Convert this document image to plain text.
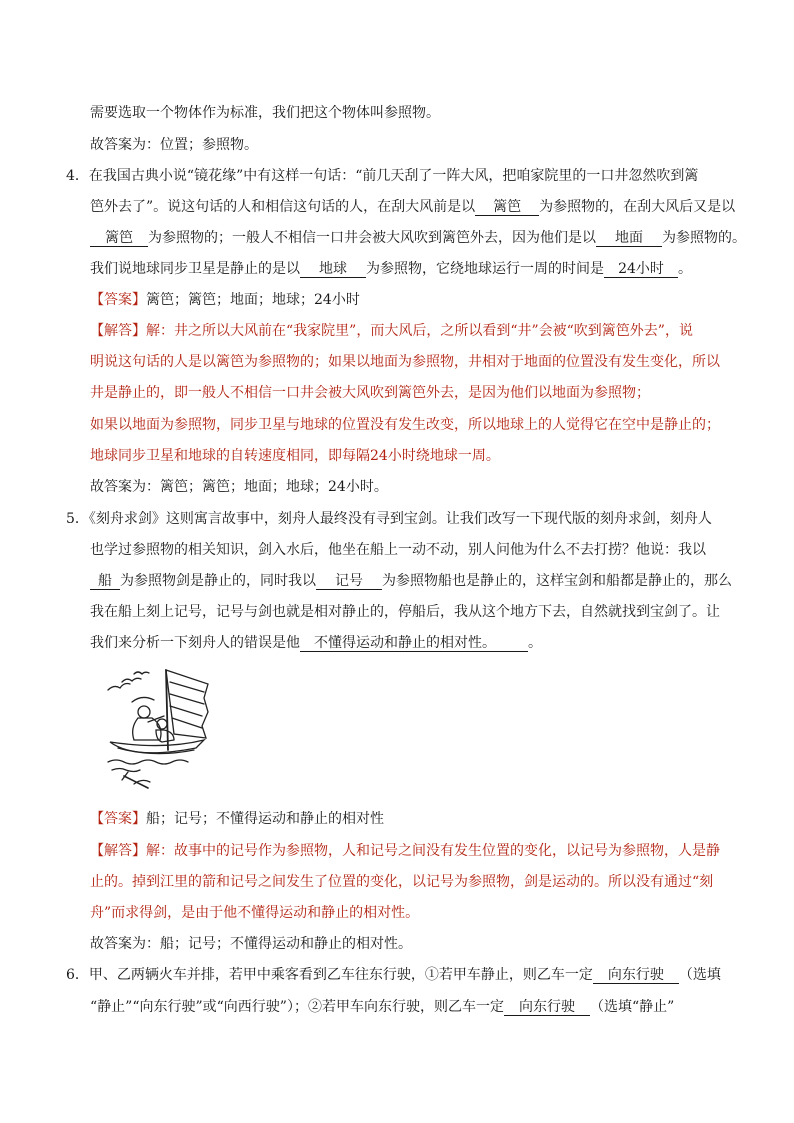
需要选取一个物体作为标准，我们把这个物体叫参照物。
故答案为：位置；参照物。
4．在我国古典小说“镜花缘”中有这样一句话：“前几天刮了一阵大风，把咱家院里的一口井忽然吹到篱
笆外去了”。说这句话的人和相信这句话的人，在刮大风前是以 篱笆 为参照物的，在刮大风后又是以
篱笆 为参照物的；一般人不相信一口井会被大风吹到篱笆外去，因为他们是以 地面 为参照物的。
我们说地球同步卫星是静止的是以 地球 为参照物，它绕地球运行一周的时间是 24小时 。
【答案】篱笆；篱笆；地面；地球；24小时
【解答】解：井之所以大风前在“我家院里”，而大风后，之所以看到“井”会被“吹到篱笆外去”，说
明说这句话的人是以篱笆为参照物的；如果以地面为参照物，井相对于地面的位置没有发生变化，所以
井是静止的，即一般人不相信一口井会被大风吹到篱笆外去，是因为他们以地面为参照物；
如果以地面为参照物，同步卫星与地球的位置没有发生改变，所以地球上的人觉得它在空中是静止的；
地球同步卫星和地球的自转速度相同，即每隔24小时绕地球一周。
故答案为：篱笆；篱笆；地面；地球；24小时。
5．《刻舟求剑》这则寓言故事中，刻舟人最终没有寻到宝剑。让我们改写一下现代版的刻舟求剑，刻舟人
也学过参照物的相关知识，剑入水后，他坐在船上一动不动，别人问他为什么不去打捞？他说：我以
船 为参照物剑是静止的，同时我以 记号 为参照物船也是静止的，这样宝剑和船都是静止的，那么
我在船上刻上记号，记号与剑也就是相对静止的，停船后，我从这个地方下去，自然就找到宝剑了。让
我们来分析一下刻舟人的错误是他 不懂得运动和静止的相对性。 。
【答案】船；记号；不懂得运动和静止的相对性
【解答】解：故事中的记号作为参照物，人和记号之间没有发生位置的变化，以记号为参照物，人是静
止的。掉到江里的箭和记号之间发生了位置的变化，以记号为参照物，剑是运动的。所以没有通过“刻
舟”而求得剑，是由于他不懂得运动和静止的相对性。
故答案为：船；记号；不懂得运动和静止的相对性。
6．甲、乙两辆火车并排，若甲中乘客看到乙车往东行驶，①若甲车静止，则乙车一定 向东行驶 （选填
“静止”“向东行驶”或“向西行驶”）；②若甲车向东行驶，则乙车一定 向东行驶 （选填“静止”
